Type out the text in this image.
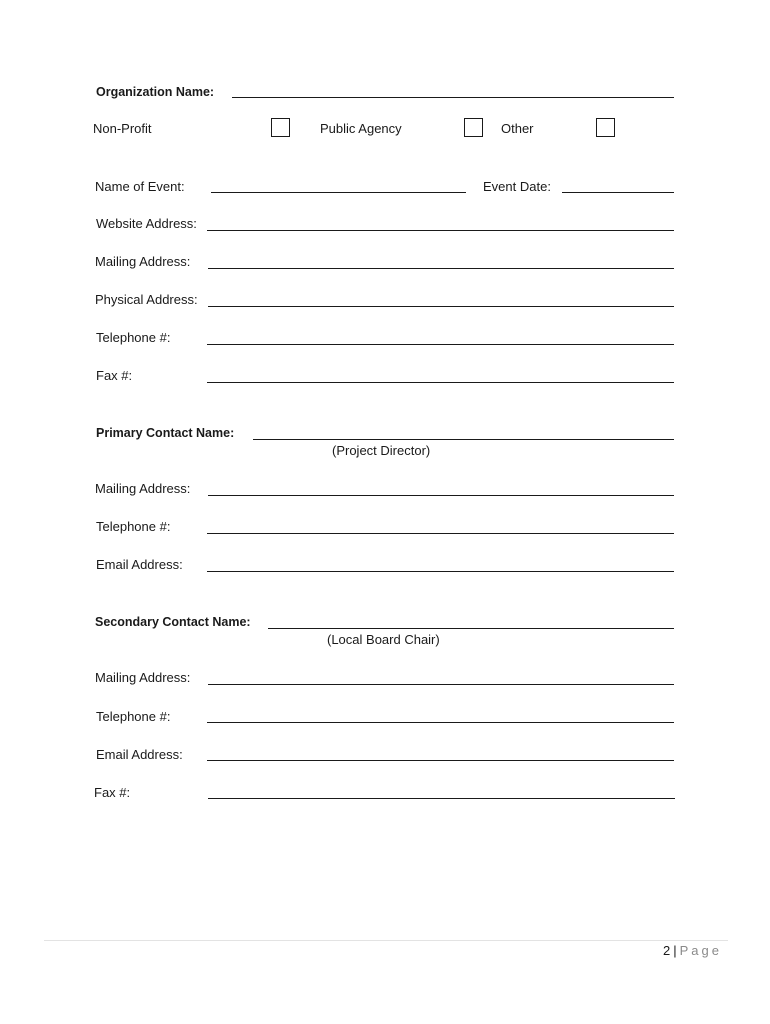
Organization Name:
Non-Profit	Public Agency	Other
Name of Event:	Event Date:
Website Address:
Mailing Address:
Physical Address:
Telephone #:
Fax #:
Primary Contact Name:
(Project Director)
Mailing Address:
Telephone #:
Email Address:
Secondary Contact Name:
(Local Board Chair)
Mailing Address:
Telephone #:
Email Address:
Fax #:
2 | Page
